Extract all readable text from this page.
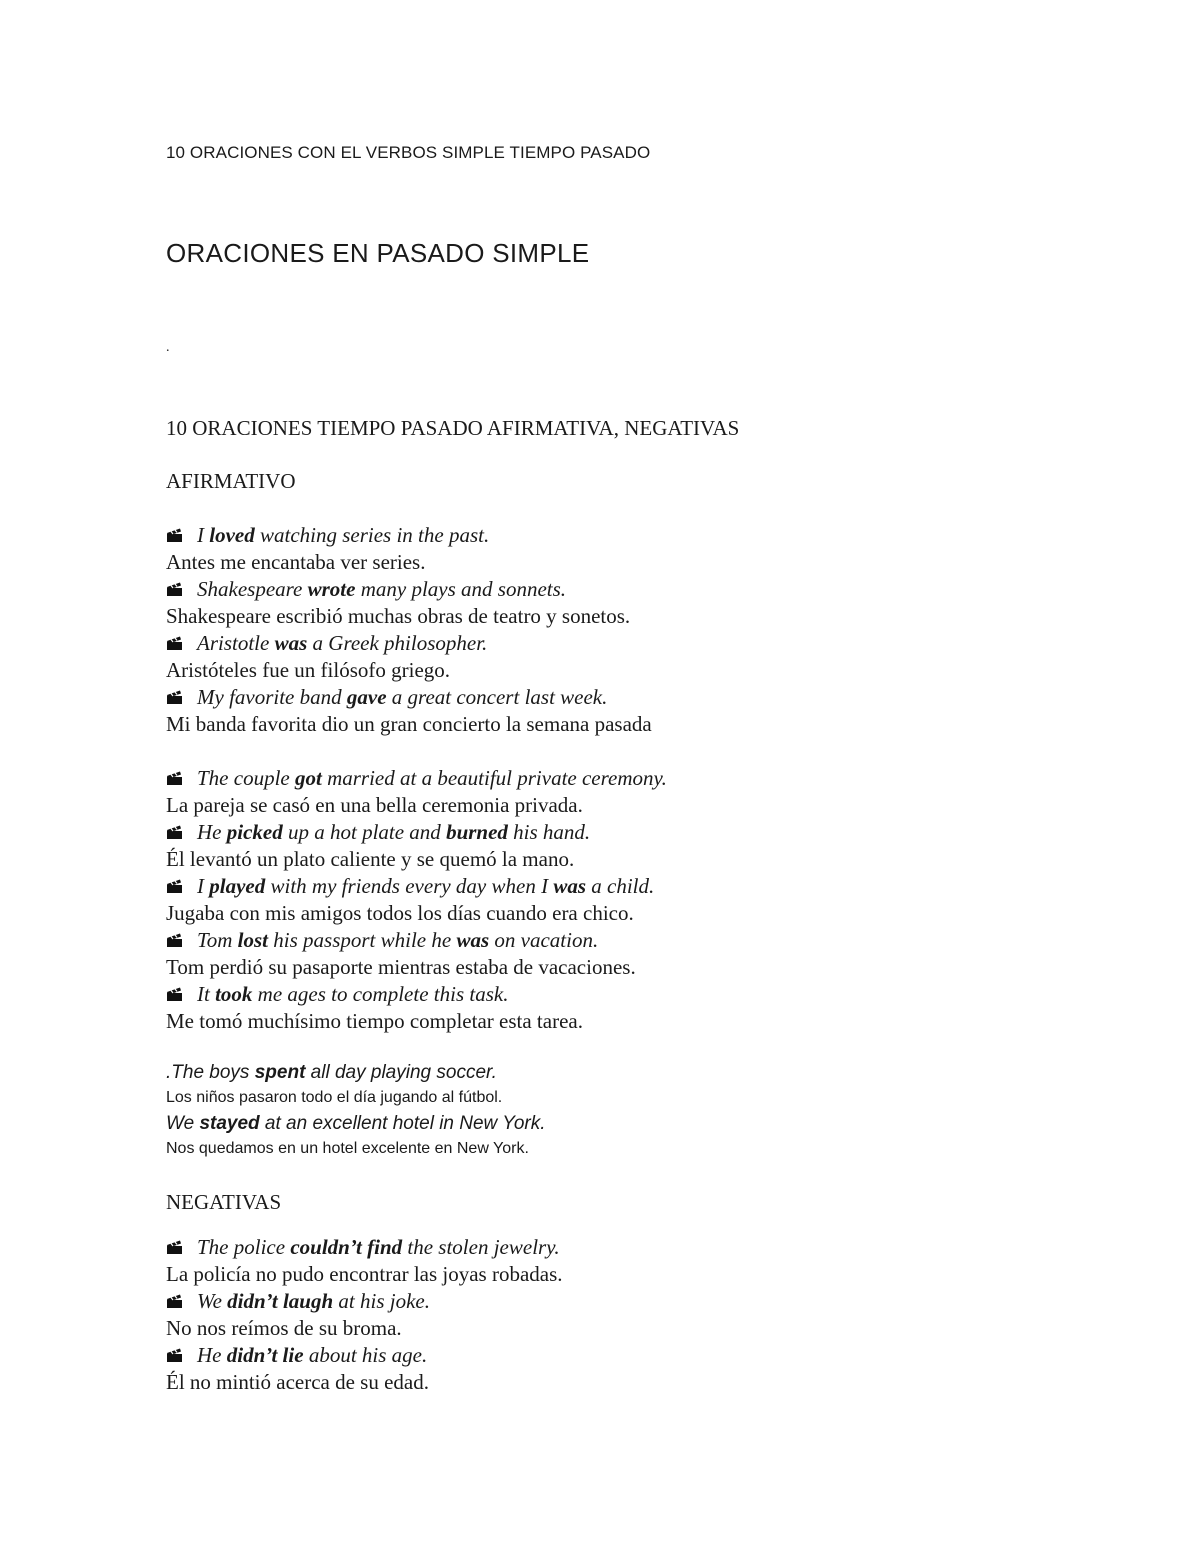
10 ORACIONES CON EL VERBOS SIMPLE TIEMPO PASADO
ORACIONES EN PASADO SIMPLE
.
10 ORACIONES TIEMPO PASADO AFIRMATIVA, NEGATIVAS
AFIRMATIVO
I loved watching series in the past.
Antes me encantaba ver series.
Shakespeare wrote many plays and sonnets.
Shakespeare escribió muchas obras de teatro y sonetos.
Aristotle was a Greek philosopher.
Aristóteles fue un filósofo griego.
My favorite band gave a great concert last week.
Mi banda favorita dio un gran concierto la semana pasada
The couple got married at a beautiful private ceremony.
La pareja se casó en una bella ceremonia privada.
He picked up a hot plate and burned his hand.
Él levantó un plato caliente y se quemó la mano.
I played with my friends every day when I was a child.
Jugaba con mis amigos todos los días cuando era chico.
Tom lost his passport while he was on vacation.
Tom perdió su pasaporte mientras estaba de vacaciones.
It took me ages to complete this task.
Me tomó muchísimo tiempo completar esta tarea.
.The boys spent all day playing soccer.
Los niños pasaron todo el día jugando al fútbol.
We stayed at an excellent hotel in New York.
Nos quedamos en un hotel excelente en New York.
NEGATIVAS
The police couldn’t find the stolen jewelry.
La policía no pudo encontrar las joyas robadas.
We didn’t laugh at his joke.
No nos reímos de su broma.
He didn’t lie about his age.
Él no mintió acerca de su edad.
